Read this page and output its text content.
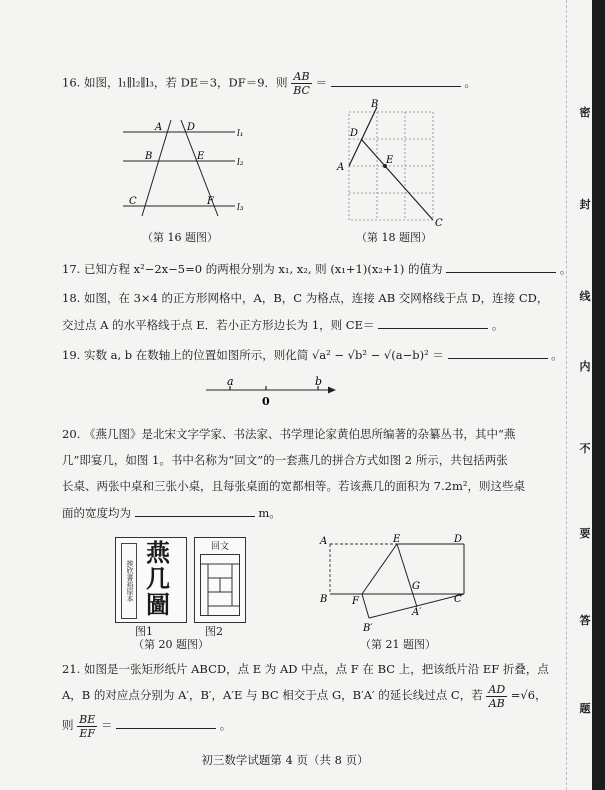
密
封
线
内
不
要
答
题
16. 如图，l₁∥l₂∥l₃，若 DE＝3，DF＝9．则 $\frac{AB}{BC}$ ＝	。
A D
B	E
C	F
l₁
l₂
l₃
（第 16 题图）
B
D
A
E
C
（第 18 题图）
17. 已知方程 x²−2x−5=0 的两根分别为 x₁, x₂, 则 (x₁+1)(x₂+1) 的值为	。
18. 如图，在 3×4 的正方形网格中，A，B，C 为格点，连接 AB 交网格线于点 D，连接 CD，
交过点 A 的水平格线于点 E．若小正方形边长为 1，则 CE＝	。
19. 实数 a, b 在数轴上的位置如图所示，则化简 √a² − √b² − √(a−b)² ＝	。
a	b
0
20. 《燕几图》是北宋文字学家、书法家、书学理论家黄伯思所编著的杂纂丛书，其中“燕
几”即宴几，如图 1。书中名称为“回文”的一套燕几的拼合方式如图 2 所示，共包括两张
长桌、两张中桌和三张小桌，且每张桌面的宽都相等。若该燕几的面积为 7.2m²，则这些桌
面的宽度均为	m。
挨欣書裕原本
燕
几
圖
回文
图1	图2
（第 20 题图）
A	E	D
G
B F
A′
C
B′
（第 21 题图）
21. 如图是一张矩形纸片 ABCD，点 E 为 AD 中点，点 F 在 BC 上，把该纸片沿 EF 折叠，点
A，B 的对应点分别为 A′，B′，A′E 与 BC 相交于点 G，B′A′ 的延长线过点 C，若 $\frac{AD}{AB} =√6$，
则 $\frac{BE}{EF}$ ＝	。
初三数学试题第 4 页（共 8 页）
